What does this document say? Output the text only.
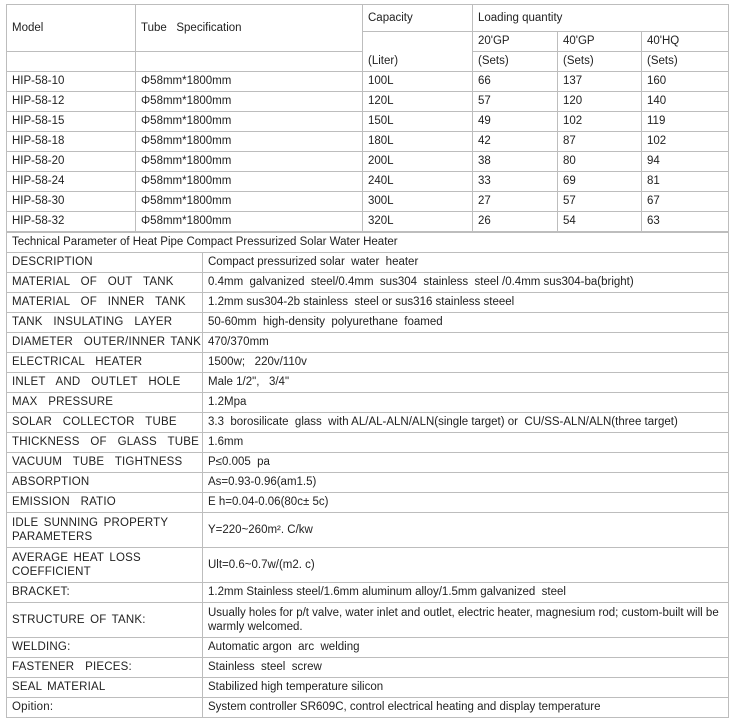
Model	Tube   Specification	Capacity	Loading quantity		
		(Liter)	20'GP	40'GP	40'HQ
			(Sets)	(Sets)	(Sets)
HIP-58-10	Φ58mm*1800mm	100L	66	137	160
HIP-58-12	Φ58mm*1800mm	120L	57	120	140
HIP-58-15	Φ58mm*1800mm	150L	49	102	119
HIP-58-18	Φ58mm*1800mm	180L	42	87	102
HIP-58-20	Φ58mm*1800mm	200L	38	80	94
HIP-58-24	Φ58mm*1800mm	240L	33	69	81
HIP-58-30	Φ58mm*1800mm	300L	27	57	67
HIP-58-32	Φ58mm*1800mm	320L	26	54	63
Technical Parameter of Heat Pipe Compact Pressurized Solar Water Heater	
DESCRIPTION	Compact pressurized solar  water  heater
MATERIAL  OF  OUT  TANK	0.4mm  galvanized  steel/0.4mm  sus304  stainless  steel /0.4mm sus304-ba(bright)
MATERIAL  OF  INNER  TANK	1.2mm sus304-2b stainless  steel or sus316 stainless steeel
TANK  INSULATING  LAYER	50-60mm  high-density  polyurethane  foamed
DIAMETER  OUTER/INNER TANK	470/370mm
ELECTRICAL  HEATER	1500w;   220v/110v
INLET  AND  OUTLET  HOLE	Male 1/2",   3/4"
MAX  PRESSURE	1.2Mpa
SOLAR  COLLECTOR  TUBE	3.3  borosilicate  glass  with AL/AL-ALN/ALN(single target) or  CU/SS-ALN/ALN(three target)
THICKNESS  OF  GLASS  TUBE	1.6mm
VACUUM  TUBE  TIGHTNESS	P≤0.005  pa
ABSORPTION	As=0.93-0.96(am1.5)
EMISSION  RATIO	E h=0.04-0.06(80c± 5c)
IDLE SUNNING PROPERTY PARAMETERS	Y=220~260m². C/kw
AVERAGE HEAT LOSS COEFFICIENT	Ult=0.6~0.7w/(m2. c)
BRACKET:	1.2mm Stainless steel/1.6mm aluminum alloy/1.5mm galvanized  steel
STRUCTURE OF TANK:	Usually holes for p/t valve, water inlet and outlet, electric heater, magnesium rod; custom-built will be warmly welcomed.
WELDING:	Automatic argon  arc  welding
FASTENER  PIECES:	Stainless  steel  screw
SEAL MATERIAL	Stabilized high temperature silicon
Opition:	System controller SR609C, control electrical heating and display temperature
